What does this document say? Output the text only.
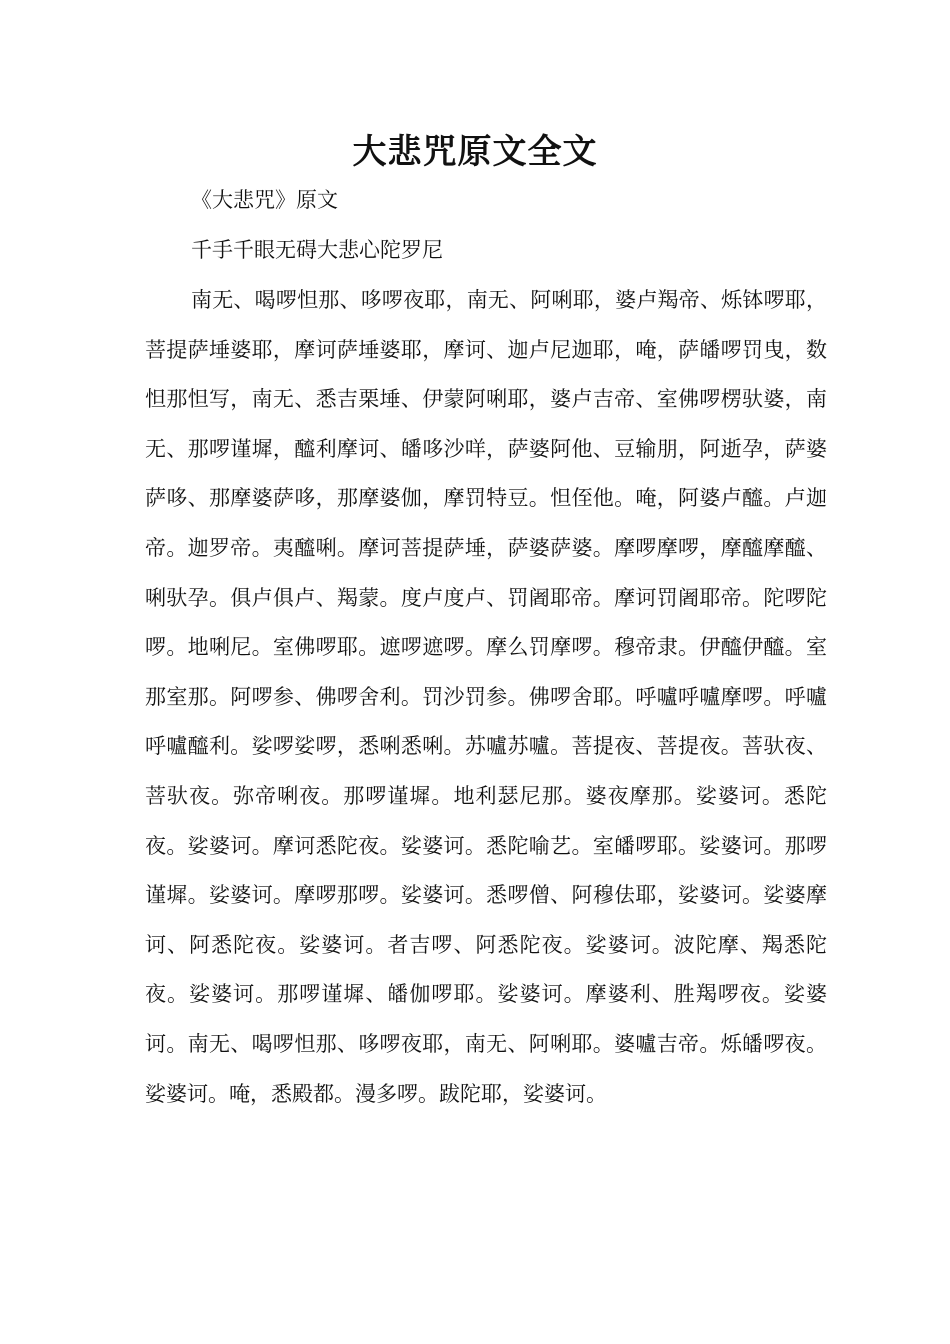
大悲咒原文全文

《大悲咒》原文

千手千眼无碍大悲心陀罗尼

南无、喝啰怛那、哆啰夜耶，南无、阿唎耶，婆卢羯帝、烁钵啰耶，菩提萨埵婆耶，摩诃萨埵婆耶，摩诃、迦卢尼迦耶，唵，萨皤啰罚曳，数怛那怛写，南无、悉吉栗埵、伊蒙阿唎耶，婆卢吉帝、室佛啰楞驮婆，南无、那啰谨墀，醯利摩诃、皤哆沙咩，萨婆阿他、豆输朋，阿逝孕，萨婆萨哆、那摩婆萨哆，那摩婆伽，摩罚特豆。怛侄他。唵，阿婆卢醯。卢迦帝。迦罗帝。夷醯唎。摩诃菩提萨埵，萨婆萨婆。摩啰摩啰，摩醯摩醯、唎驮孕。俱卢俱卢、羯蒙。度卢度卢、罚阇耶帝。摩诃罚阇耶帝。陀啰陀啰。地唎尼。室佛啰耶。遮啰遮啰。摩么罚摩啰。穆帝隶。伊醯伊醯。室那室那。阿啰参、佛啰舍利。罚沙罚参。佛啰舍耶。呼嚧呼嚧摩啰。呼嚧呼嚧醯利。娑啰娑啰，悉唎悉唎。苏嚧苏嚧。菩提夜、菩提夜。菩驮夜、菩驮夜。弥帝唎夜。那啰谨墀。地利瑟尼那。婆夜摩那。娑婆诃。悉陀夜。娑婆诃。摩诃悉陀夜。娑婆诃。悉陀喻艺。室皤啰耶。娑婆诃。那啰谨墀。娑婆诃。摩啰那啰。娑婆诃。悉啰僧、阿穆佉耶，娑婆诃。娑婆摩诃、阿悉陀夜。娑婆诃。者吉啰、阿悉陀夜。娑婆诃。波陀摩、羯悉陀夜。娑婆诃。那啰谨墀、皤伽啰耶。娑婆诃。摩婆利、胜羯啰夜。娑婆诃。南无、喝啰怛那、哆啰夜耶，南无、阿唎耶。婆嚧吉帝。烁皤啰夜。娑婆诃。唵，悉殿都。漫多啰。跋陀耶，娑婆诃。
